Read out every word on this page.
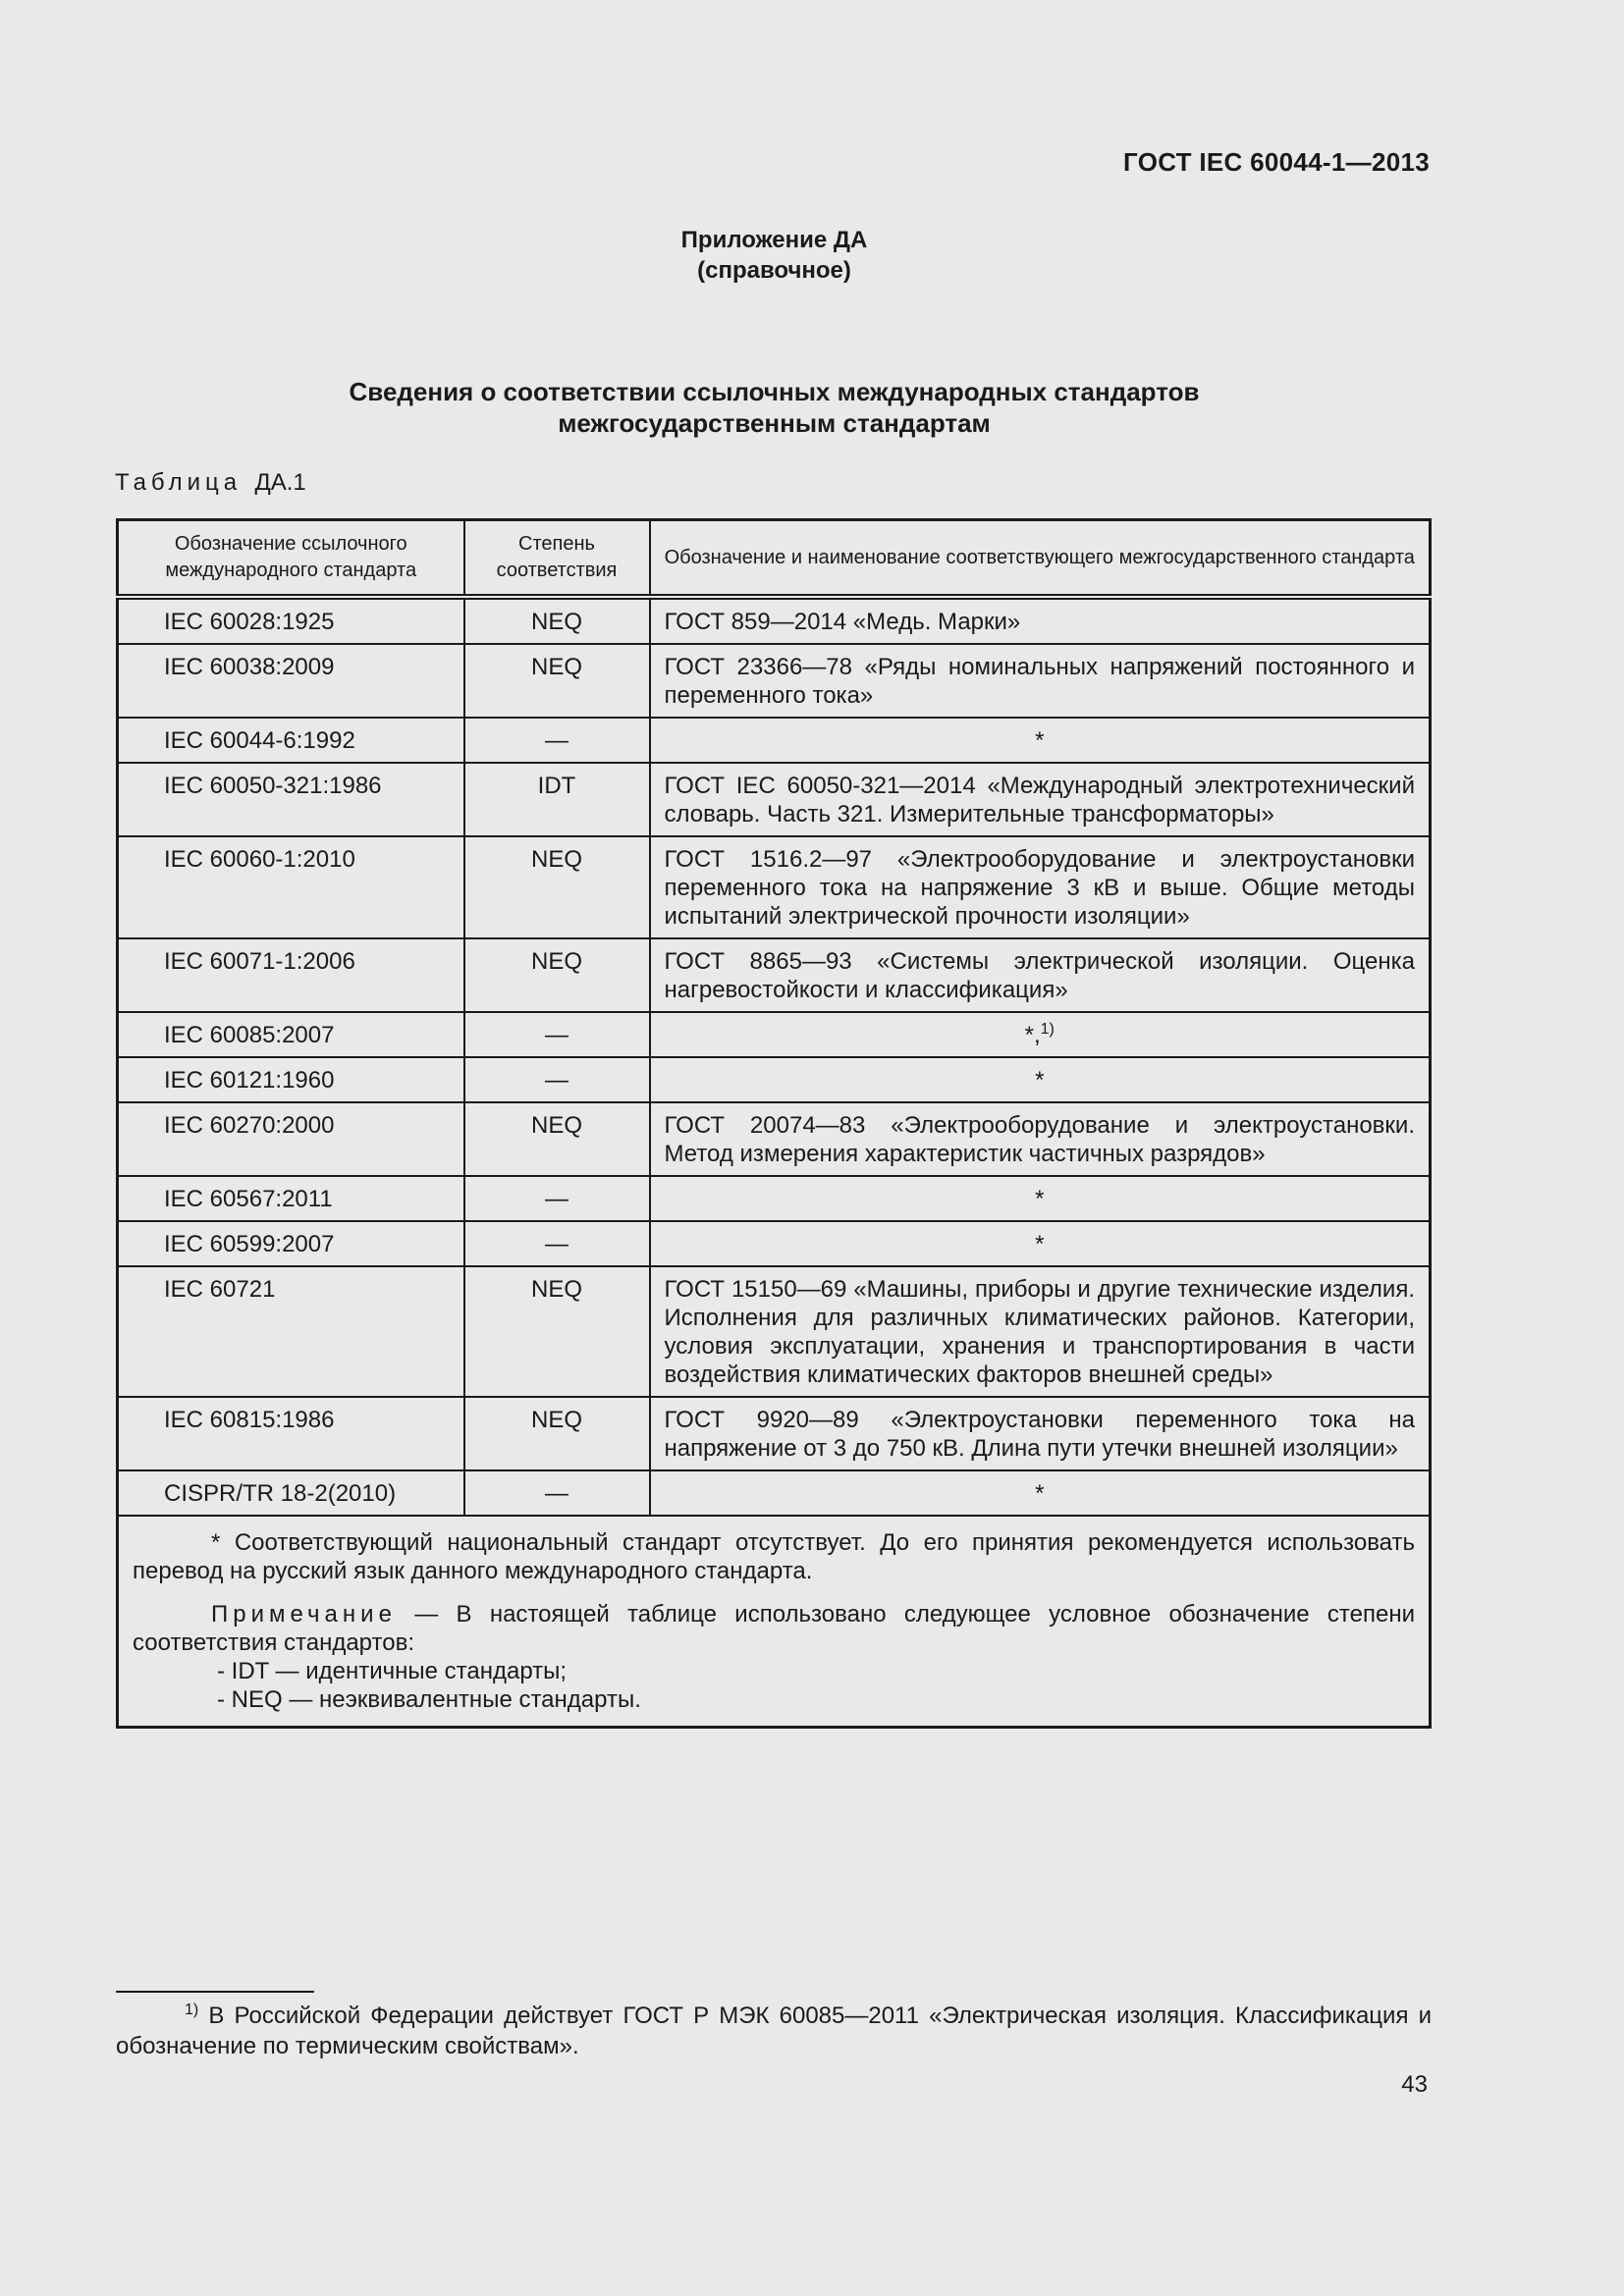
ГОСТ IEC 60044-1—2013
Приложение ДА
(справочное)
Сведения о соответствии ссылочных международных стандартов
межгосударственным стандартам
Таблица ДА.1
Обозначение ссылочного международного стандарта	Степень соответствия	Обозначение и наименование соответствующего межгосударственного стандарта
IEC 60028:1925	NEQ	ГОСТ 859—2014 «Медь. Марки»
IEC 60038:2009	NEQ	ГОСТ 23366—78 «Ряды номинальных напряжений постоянного и переменного тока»
IEC 60044-6:1992	—	*
IEC 60050-321:1986	IDT	ГОСТ IEC 60050-321—2014 «Международный электротехнический словарь. Часть 321. Измерительные трансформаторы»
IEC 60060-1:2010	NEQ	ГОСТ 1516.2—97 «Электрооборудование и электроустановки переменного тока на напряжение 3 кВ и выше. Общие методы испытаний электрической прочности изоляции»
IEC 60071-1:2006	NEQ	ГОСТ 8865—93 «Системы электрической изоляции. Оценка нагревостойкости и классификация»
IEC 60085:2007	—	*,$^{1)}$
IEC 60121:1960	—	*
IEC 60270:2000	NEQ	ГОСТ 20074—83 «Электрооборудование и электроустановки. Метод измерения характеристик частичных разрядов»
IEC 60567:2011	—	*
IEC 60599:2007	—	*
IEC 60721	NEQ	ГОСТ 15150—69 «Машины, приборы и другие технические изделия. Исполнения для различных климатических районов. Категории, условия эксплуатации, хранения и транспортирования в части воздействия климатических факторов внешней среды»
IEC 60815:1986	NEQ	ГОСТ 9920—89 «Электроустановки переменного тока на напряжение от 3 до 750 кВ. Длина пути утечки внешней изоляции»
CISPR/TR 18-2(2010)	—	*

* Соответствующий национальный стандарт отсутствует. До его принятия рекомендуется использовать перевод на русский язык данного международного стандарта.

Примечание — В настоящей таблице использовано следующее условное обозначение степени соответствия стандартов:

- IDT — идентичные стандарты;
- NEQ — неэквивалентные стандарты.		
$^{1)}$ В Российской Федерации действует ГОСТ Р МЭК 60085—2011 «Электрическая изоляция. Классификация и обозначение по термическим свойствам».
43
